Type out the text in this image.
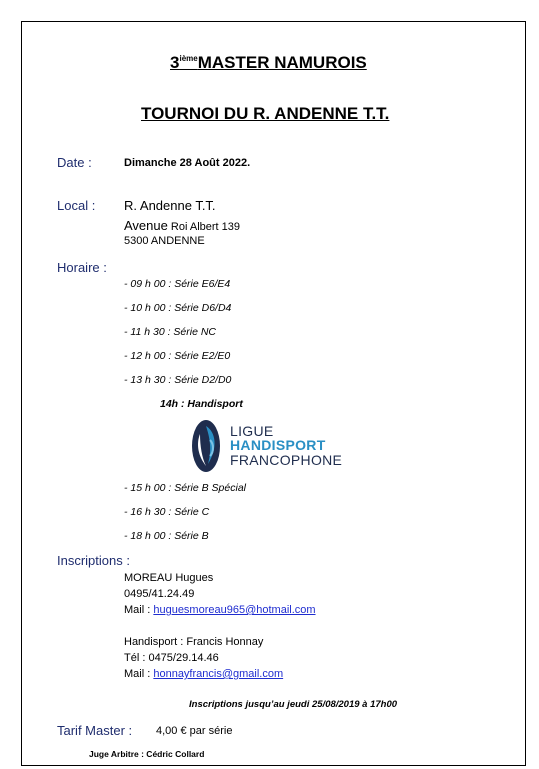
3ièmeMASTER NAMUROIS
TOURNOI DU R. ANDENNE T.T.
Date :	Dimanche 28 Août 2022.
Local : R. Andenne T.T.
Avenue Roi Albert 139
5300 ANDENNE
Horaire :
- 09 h 00 : Série E6/E4
- 10 h 00 : Série D6/D4
- 11 h 30 : Série NC
- 12 h 00 : Série E2/E0
- 13 h 30 : Série D2/D0
14h : Handisport
LIGUE
HANDISPORT
FRANCOPHONE
- 15 h 00 : Série B Spécial
- 16 h 30 : Série C
- 18 h 00 : Série B
Inscriptions :
MOREAU Hugues
0495/41.24.49
Mail : huguesmoreau965@hotmail.com
Handisport : Francis Honnay
Tél : 0475/29.14.46
Mail : honnayfrancis@gmail.com
Inscriptions jusqu’au jeudi 25/08/2019 à 17h00
Tarif Master : 4,00 € par série
Juge Arbitre : Cédric Collard
